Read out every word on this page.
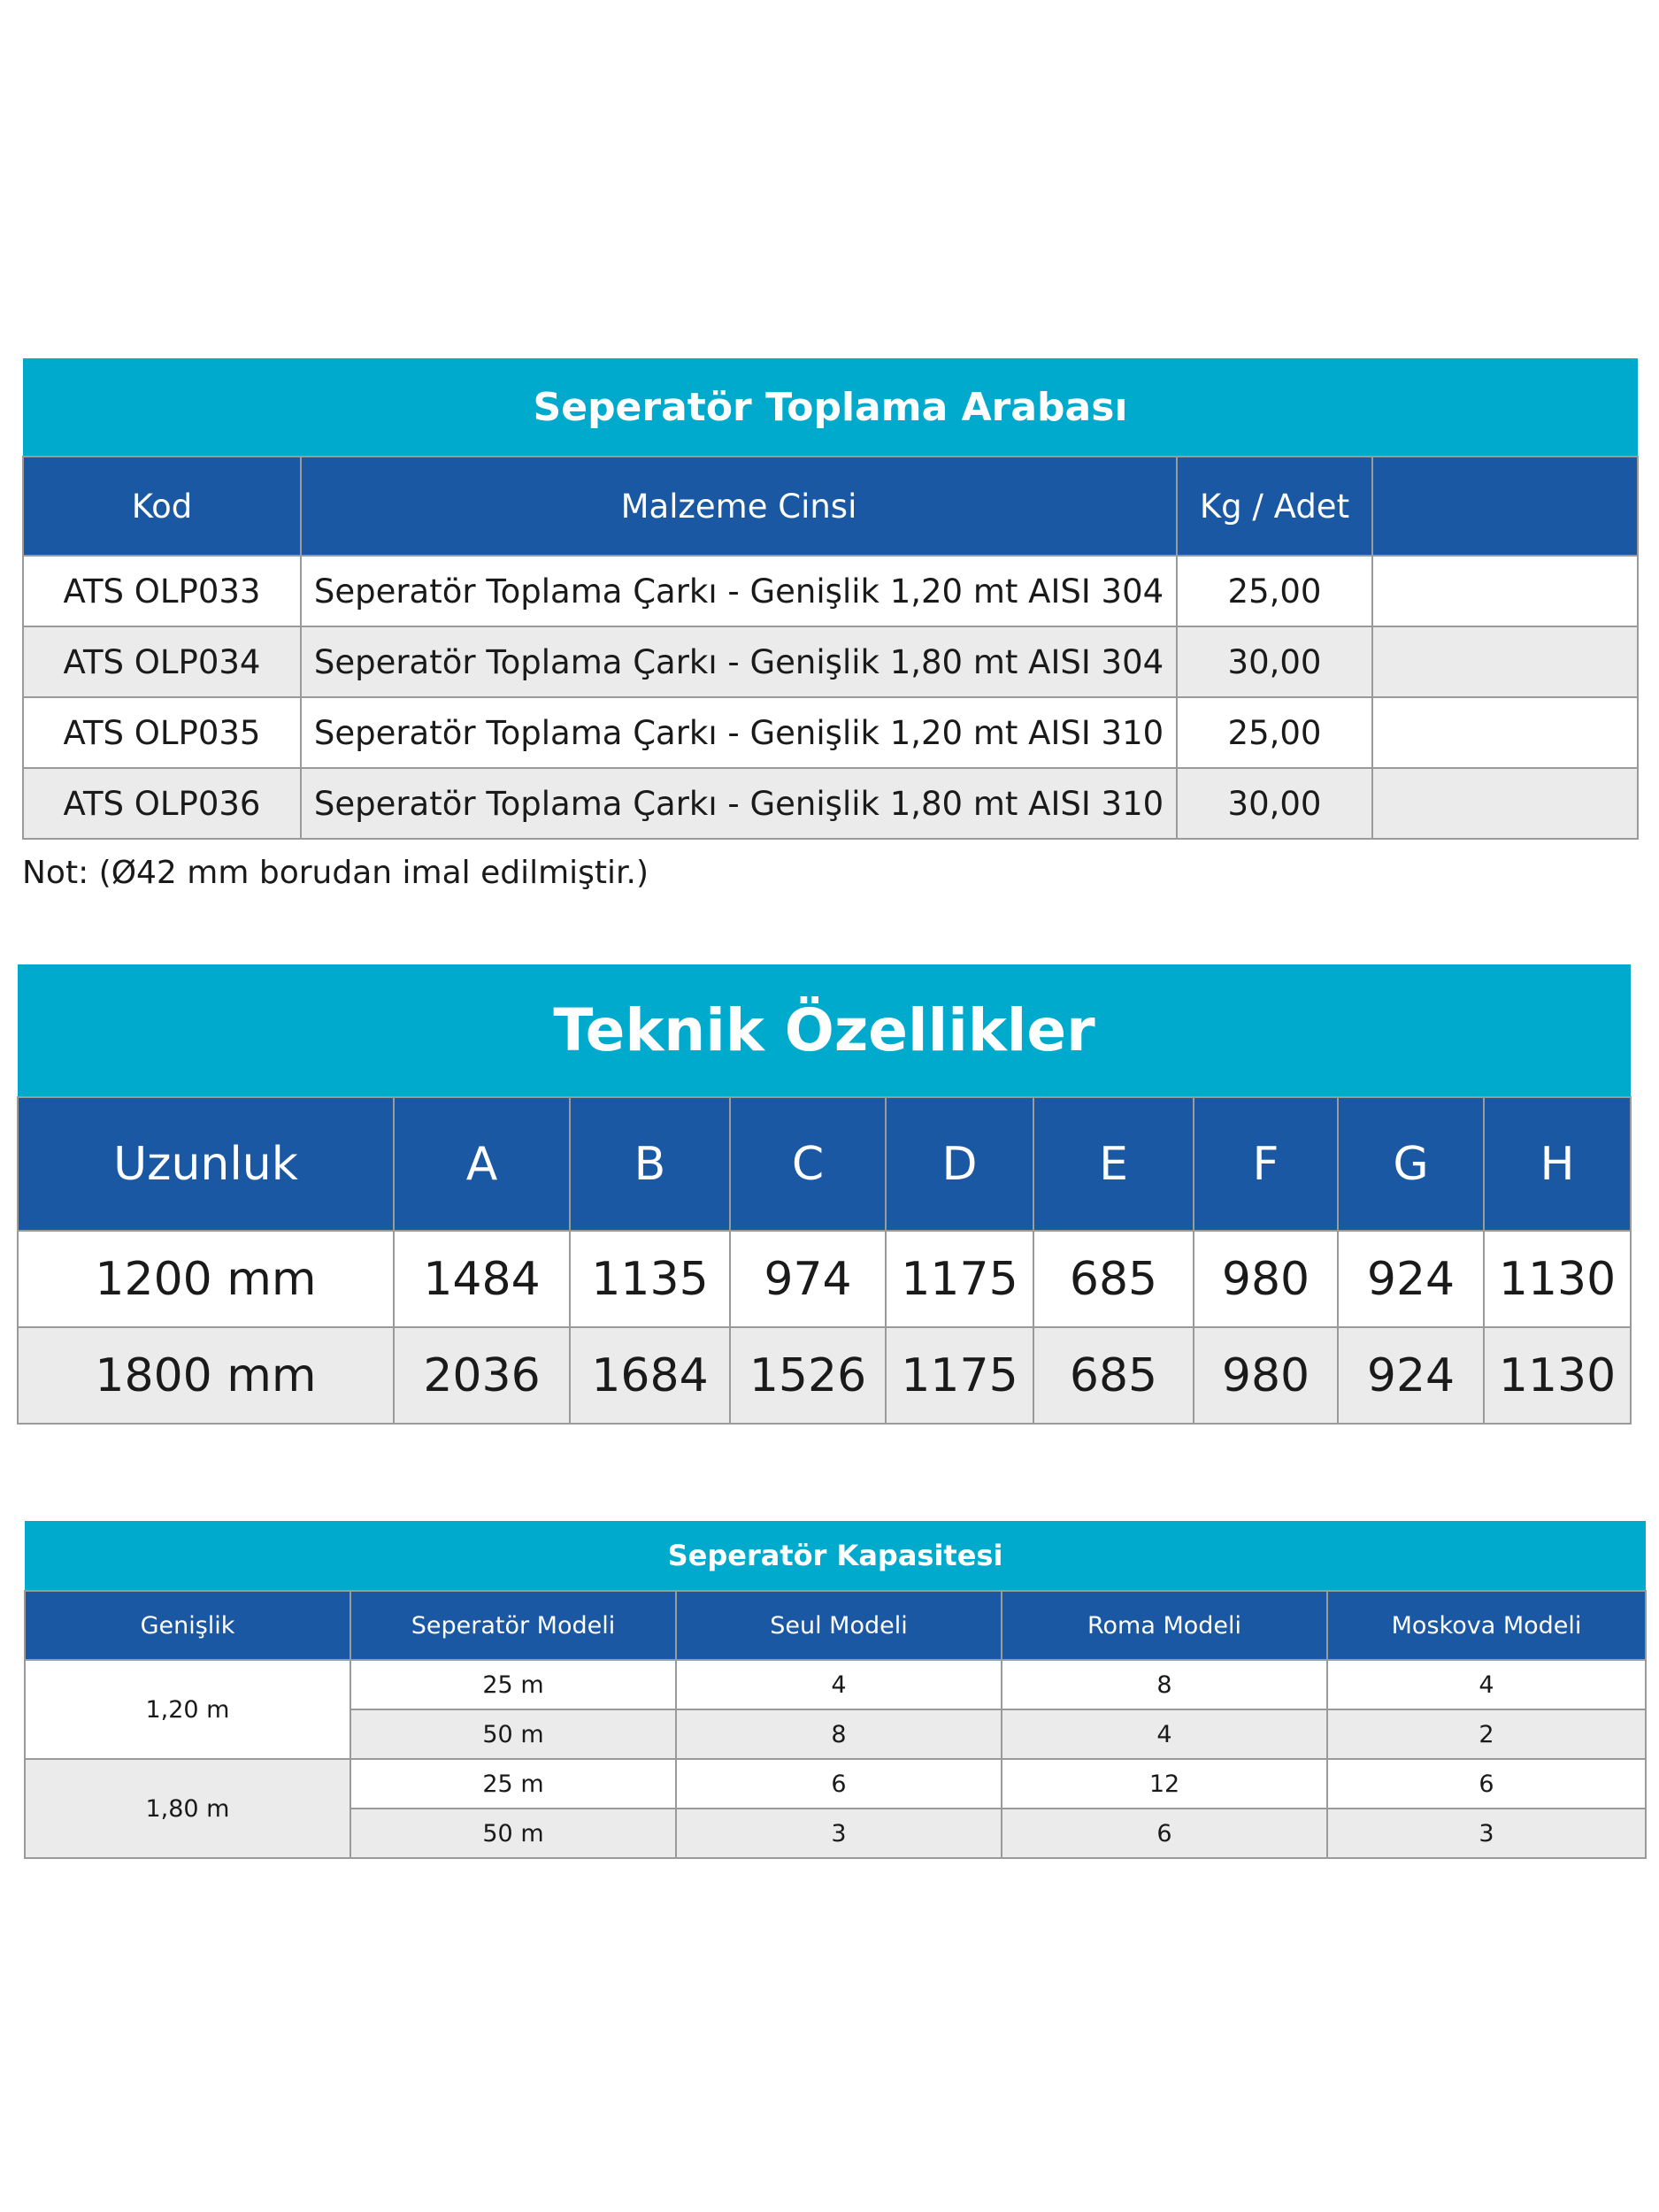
Seperatör Toplama Arabası			
Kod	Malzeme Cinsi	Kg / Adet	
ATS OLP033	Seperatör Toplama Çarkı - Genişlik 1,20 mt AISI 304	25,00	
ATS OLP034	Seperatör Toplama Çarkı - Genişlik 1,80 mt AISI 304	30,00	
ATS OLP035	Seperatör Toplama Çarkı - Genişlik 1,20 mt AISI 310	25,00	
ATS OLP036	Seperatör Toplama Çarkı - Genişlik 1,80 mt AISI 310	30,00	
Not: (Ø42 mm borudan imal edilmiştir.)
Teknik Özellikler								
Uzunluk	A	B	C	D	E	F	G	H
1200 mm	1484	1135	974	1175	685	980	924	1130
1800 mm	2036	1684	1526	1175	685	980	924	1130
Seperatör Kapasitesi				
Genişlik	Seperatör Modeli	Seul Modeli	Roma Modeli	Moskova Modeli
1,20 m	25 m	4	8	4
	50 m	8	4	2
1,80 m	25 m	6	12	6
	50 m	3	6	3
